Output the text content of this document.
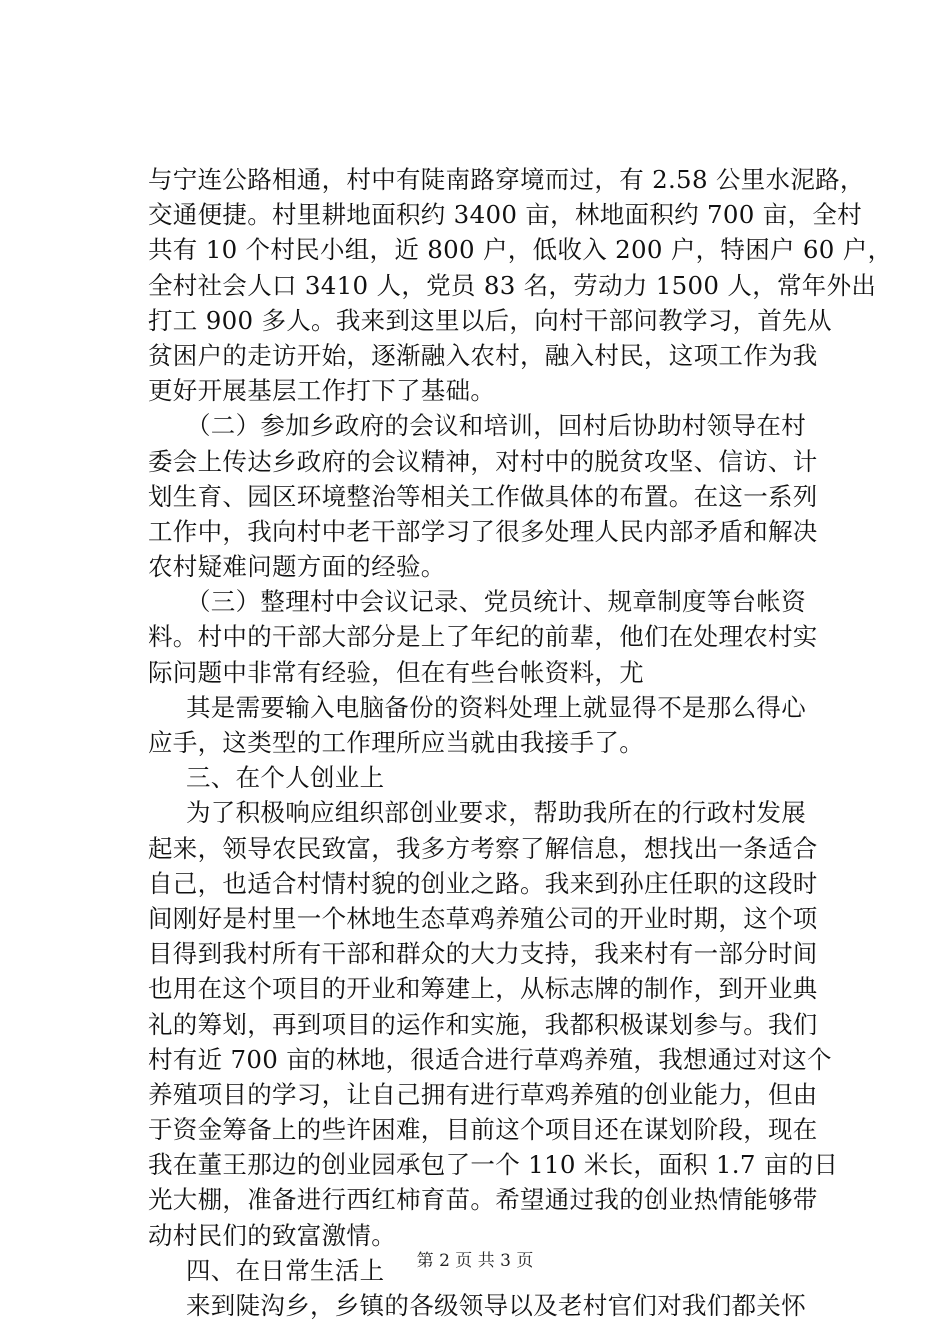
与宁连公路相通，村中有陡南路穿境而过，有 2.58 公里水泥路，
交通便捷。村里耕地面积约 3400 亩，林地面积约 700 亩，全村
共有 10 个村民小组，近 800 户，低收入 200 户，特困户 60 户，
全村社会人口 3410 人，党员 83 名，劳动力 1500 人，常年外出
打工 900 多人。我来到这里以后，向村干部问教学习，首先从
贫困户的走访开始，逐渐融入农村，融入村民，这项工作为我
更好开展基层工作打下了基础。
（二）参加乡政府的会议和培训，回村后协助村领导在村
委会上传达乡政府的会议精神，对村中的脱贫攻坚、信访、计
划生育、园区环境整治等相关工作做具体的布置。在这一系列
工作中，我向村中老干部学习了很多处理人民内部矛盾和解决
农村疑难问题方面的经验。
（三）整理村中会议记录、党员统计、规章制度等台帐资
料。村中的干部大部分是上了年纪的前辈，他们在处理农村实
际问题中非常有经验，但在有些台帐资料，尤
其是需要输入电脑备份的资料处理上就显得不是那么得心
应手，这类型的工作理所应当就由我接手了。
三、在个人创业上
为了积极响应组织部创业要求，帮助我所在的行政村发展
起来，领导农民致富，我多方考察了解信息，想找出一条适合
自己，也适合村情村貌的创业之路。我来到孙庄任职的这段时
间刚好是村里一个林地生态草鸡养殖公司的开业时期，这个项
目得到我村所有干部和群众的大力支持，我来村有一部分时间
也用在这个项目的开业和筹建上，从标志牌的制作，到开业典
礼的筹划，再到项目的运作和实施，我都积极谋划参与。我们
村有近 700 亩的林地，很适合进行草鸡养殖，我想通过对这个
养殖项目的学习，让自己拥有进行草鸡养殖的创业能力，但由
于资金筹备上的些许困难，目前这个项目还在谋划阶段，现在
我在董王那边的创业园承包了一个 110 米长，面积 1.7 亩的日
光大棚，准备进行西红柿育苗。希望通过我的创业热情能够带
动村民们的致富激情。
四、在日常生活上
来到陡沟乡，乡镇的各级领导以及老村官们对我们都关怀
第 2 页 共 3 页
